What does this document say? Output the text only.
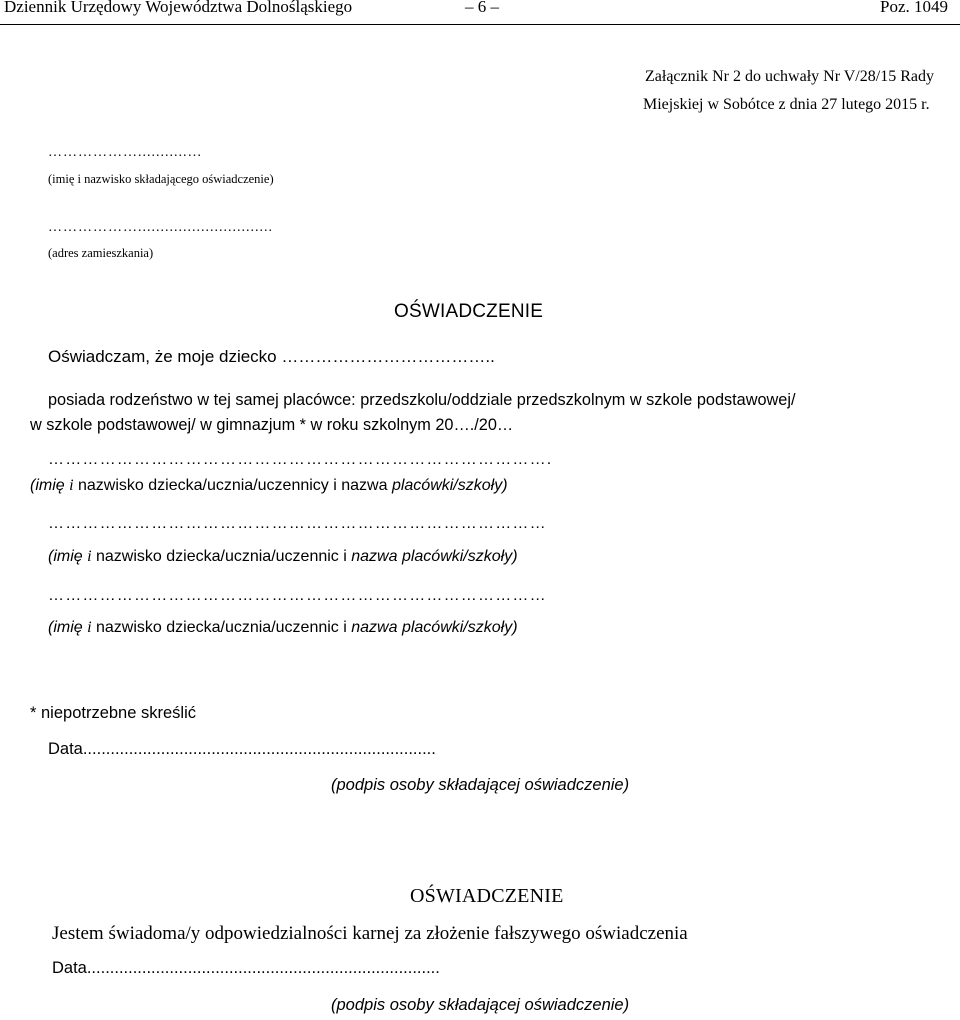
Dziennik Urzędowy Województwa Dolnośląskiego	– 6 –	Poz. 1049
Załącznik Nr 2 do uchwały Nr V/28/15 Rady
Miejskiej w Sobótce z dnia 27 lutego 2015 r.
………………...........…
(imię i nazwisko składającego oświadczenie)
………………..............................
(adres zamieszkania)
OŚWIADCZENIE
Oświadczam, że moje dziecko ………………………………..
posiada rodzeństwo w tej samej placówce: przedszkolu/oddziale przedszkolnym w szkole podstawowej/
w szkole podstawowej/ w gimnazjum * w roku szkolnym 20…./20…
…………………………………………………………………………….
(imię i nazwisko dziecka/ucznia/uczennicy i nazwa placówki/szkoły)
……………………………………………………………………………
(imię i nazwisko dziecka/ucznia/uczennic i nazwa placówki/szkoły)
……………………………………………………………………………
(imię i nazwisko dziecka/ucznia/uczennic i nazwa placówki/szkoły)
* niepotrzebne skreślić
Data.............................................................................
(podpis osoby składającej oświadczenie)
OŚWIADCZENIE
Jestem świadoma/y odpowiedzialności karnej za złożenie fałszywego oświadczenia
Data.............................................................................
(podpis osoby składającej oświadczenie)
